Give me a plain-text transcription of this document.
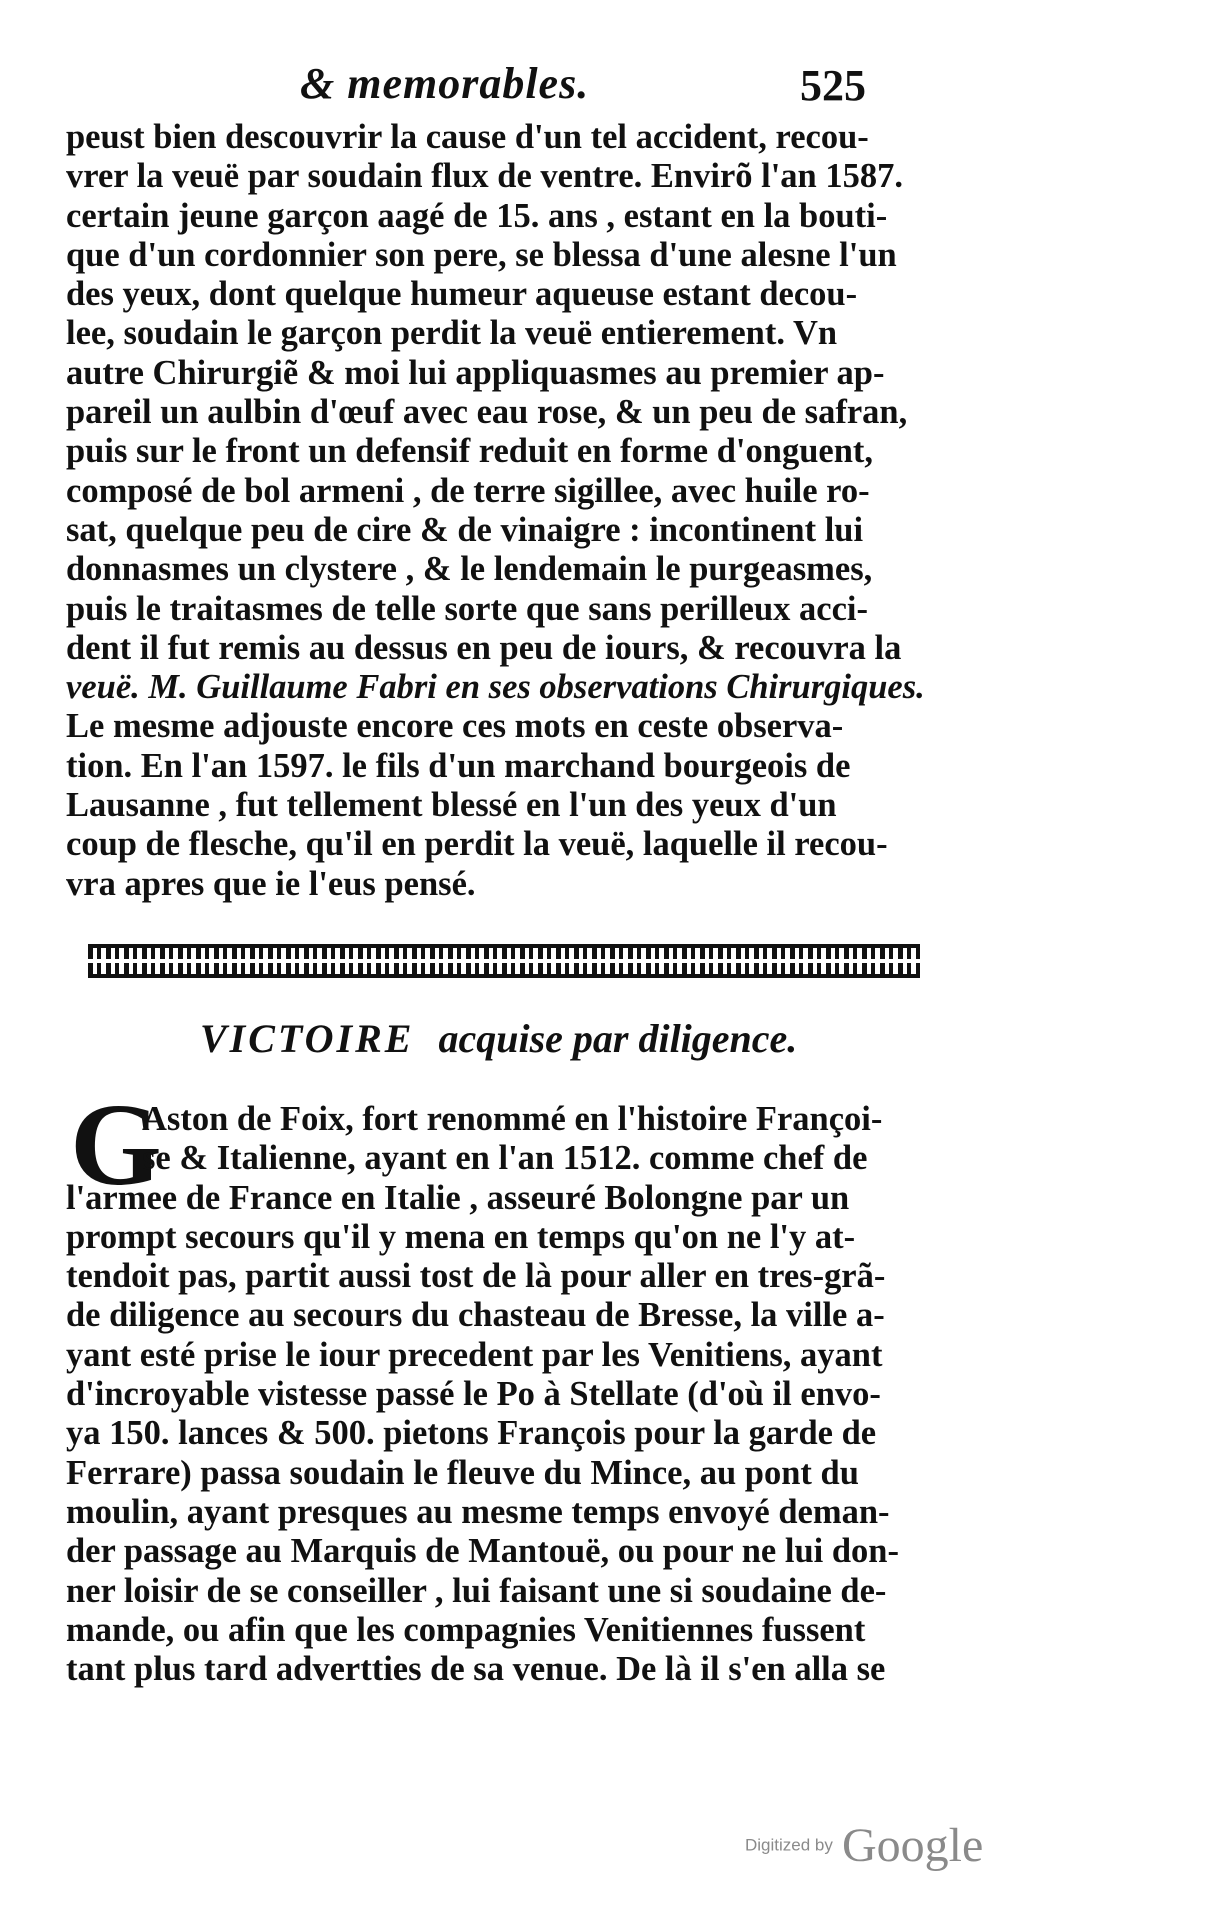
& memorables.	525
peust bien descouvrir la cause d'un tel accident, recou-
vrer la veuë par soudain flux de ventre. Envirõ l'an 1587.
certain jeune garçon aagé de 15. ans , estant en la bouti-
que d'un cordonnier son pere, se blessa d'une alesne l'un
des yeux, dont quelque humeur aqueuse estant decou-
lee, soudain le garçon perdit la veuë entierement. Vn
autre Chirurgiẽ & moi lui appliquasmes au premier ap-
pareil un aulbin d'œuf avec eau rose, & un peu de safran,
puis sur le front un defensif reduit en forme d'onguent,
composé de bol armeni , de terre sigillee, avec huile ro-
sat, quelque peu de cire & de vinaigre : incontinent lui
donnasmes un clystere , & le lendemain le purgeasmes,
puis le traitasmes de telle sorte que sans perilleux acci-
dent il fut remis au dessus en peu de iours, & recouvra la
veuë. M. Guillaume Fabri en ses observations Chirurgiques.
Le mesme adjouste encore ces mots en ceste observa-
tion. En l'an 1597. le fils d'un marchand bourgeois de
Lausanne , fut tellement blessé en l'un des yeux d'un
coup de flesche, qu'il en perdit la veuë, laquelle il recou-
vra apres que ie l'eus pensé.
VICTOIRE acquise par diligence.
G
Aston de Foix, fort renommé en l'histoire Françoi-
se & Italienne, ayant en l'an 1512. comme chef de
l'armee de France en Italie , asseuré Bolongne par un
prompt secours qu'il y mena en temps qu'on ne l'y at-
tendoit pas, partit aussi tost de là pour aller en tres-grã-
de diligence au secours du chasteau de Bresse, la ville a-
yant esté prise le iour precedent par les Venitiens, ayant
d'incroyable vistesse passé le Po à Stellate (d'où il envo-
ya 150. lances & 500. pietons François pour la garde de
Ferrare) passa soudain le fleuve du Mince, au pont du
moulin, ayant presques au mesme temps envoyé deman-
der passage au Marquis de Mantouë, ou pour ne lui don-
ner loisir de se conseiller , lui faisant une si soudaine de-
mande, ou afin que les compagnies Venitiennes fussent
tant plus tard advertties de sa venue. De là il s'en alla se
Digitized by Google
